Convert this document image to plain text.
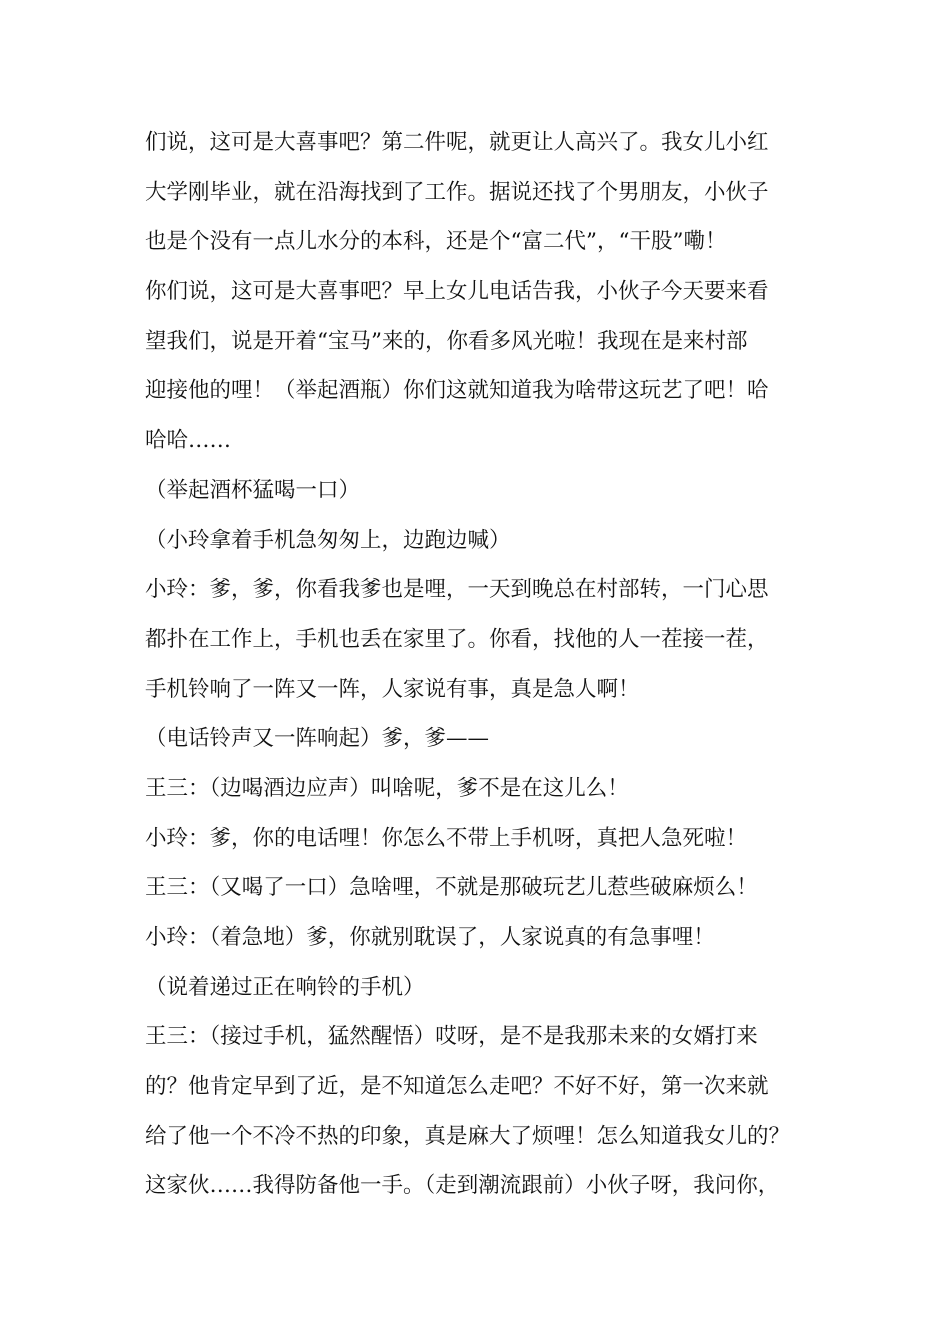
们说，这可是大喜事吧？第二件呢，就更让人高兴了。我女儿小红
大学刚毕业，就在沿海找到了工作。据说还找了个男朋友，小伙子
也是个没有一点儿水分的本科，还是个“富二代”，“干股”嘞！
你们说，这可是大喜事吧？早上女儿电话告我，小伙子今天要来看
望我们，说是开着“宝马”来的，你看多风光啦！我现在是来村部
迎接他的哩！（举起酒瓶）你们这就知道我为啥带这玩艺了吧！哈
哈哈……
（举起酒杯猛喝一口）
（小玲拿着手机急匆匆上，边跑边喊）
小玲：爹，爹，你看我爹也是哩，一天到晚总在村部转，一门心思
都扑在工作上，手机也丢在家里了。你看，找他的人一茬接一茬，
手机铃响了一阵又一阵，人家说有事，真是急人啊！
（电话铃声又一阵响起）爹，爹——
王三：（边喝酒边应声）叫啥呢，爹不是在这儿么！
小玲：爹，你的电话哩！你怎么不带上手机呀，真把人急死啦！
王三：（又喝了一口）急啥哩，不就是那破玩艺儿惹些破麻烦么！
小玲：（着急地）爹，你就别耽误了，人家说真的有急事哩！
（说着递过正在响铃的手机）
王三：（接过手机，猛然醒悟）哎呀，是不是我那未来的女婿打来
的？他肯定早到了近，是不知道怎么走吧？不好不好，第一次来就
给了他一个不冷不热的印象，真是麻大了烦哩！怎么知道我女儿的？
这家伙……我得防备他一手。（走到潮流跟前）小伙子呀，我问你，
